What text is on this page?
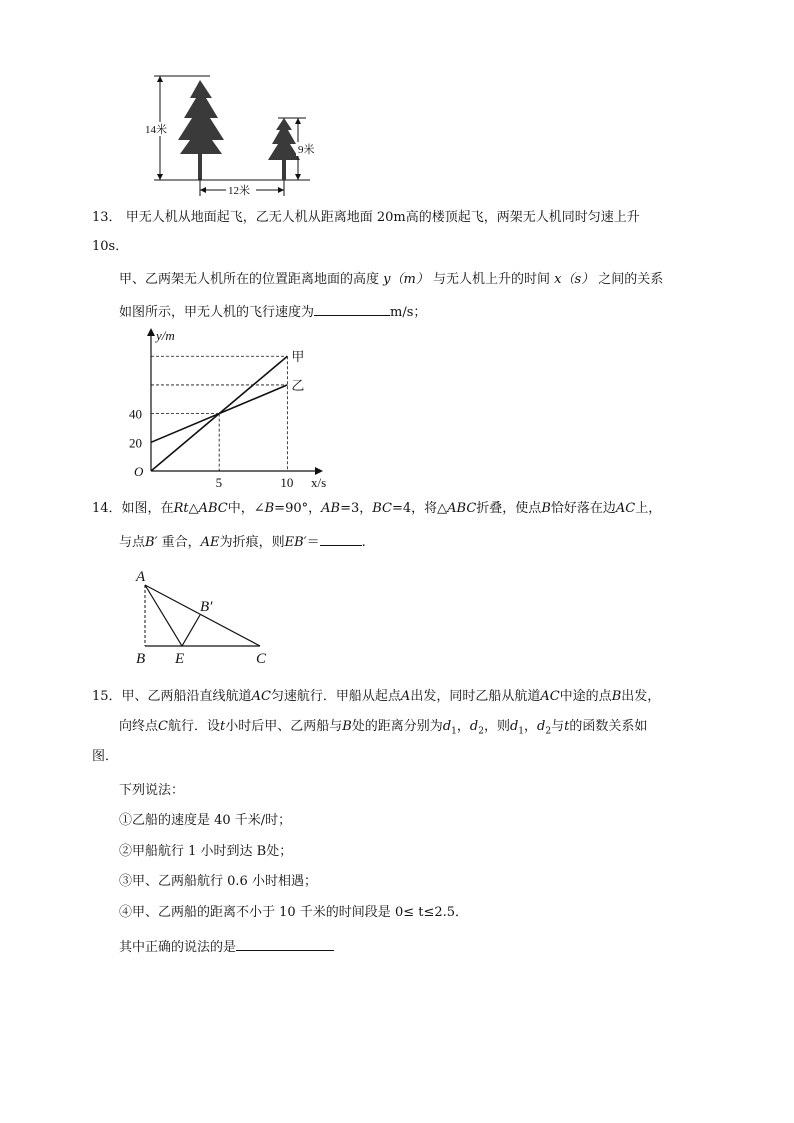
14米
9米
12米
13． 甲无人机从地面起飞，乙无人机从距离地面 20m高的楼顶起飞，两架无人机同时匀速上升
10s．
甲、乙两架无人机所在的位置距离地面的高度 y（m） 与无人机上升的时间 x（s） 之间的关系
如图所示，甲无人机的飞行速度为	m/s；
y/m
x/s
O
甲
乙
5	10
20
40
14．如图，在Rt△ABC中，∠B=90°，AB=3，BC=4，将△ABC折叠，使点B恰好落在边AC上，
与点B′ 重合，AE为折痕，则EB′＝	.
A
B E	C
B′
15．甲、乙两船沿直线航道AC匀速航行．甲船从起点A出发，同时乙船从航道AC中途的点B出发，
向终点C航行．设t小时后甲、乙两船与B处的距离分别为$d_1$，$d_2$，则$d_1$，$d_2$与t的函数关系如
图．
下列说法：
①乙船的速度是 40 千米/时；
②甲船航行 1 小时到达 B处；
③甲、乙两船航行 0.6 小时相遇；
④甲、乙两船的距离不小于 10 千米的时间段是 0≤ t≤2.5．
其中正确的说法的是
